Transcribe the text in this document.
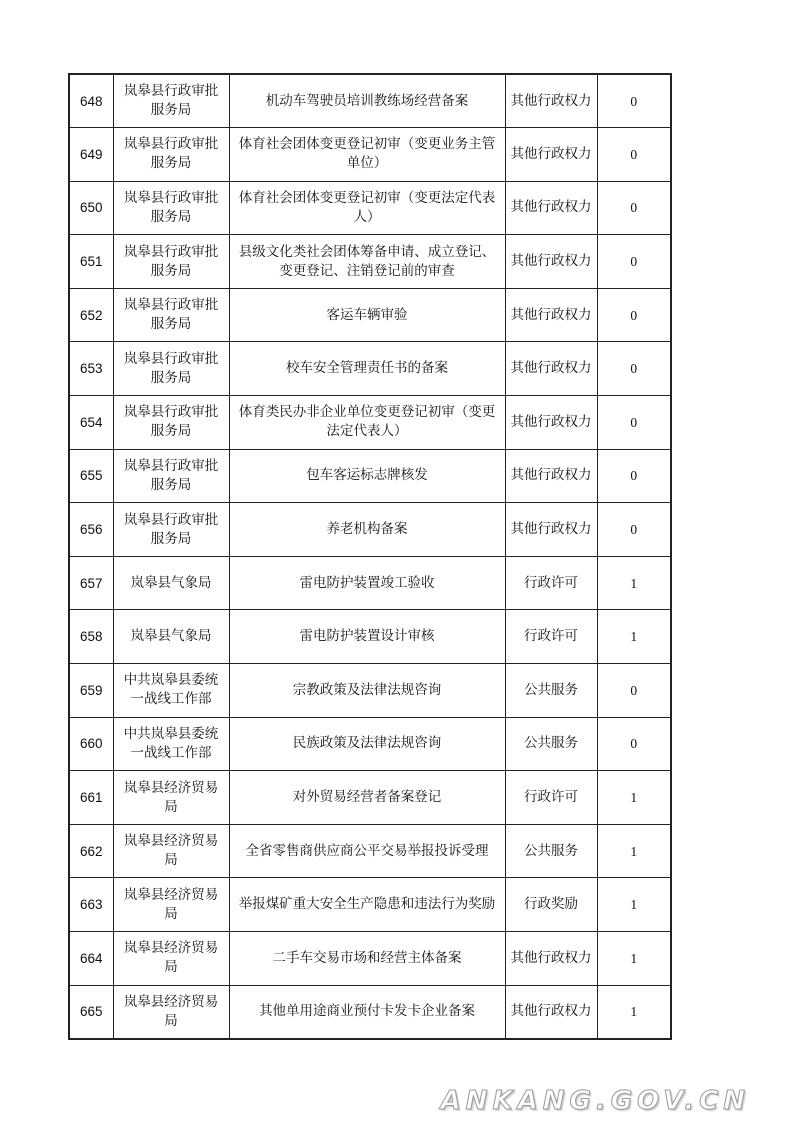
648	岚皋县行政审批服务局	机动车驾驶员培训教练场经营备案	其他行政权力	0
649	岚皋县行政审批服务局	体育社会团体变更登记初审（变更业务主管单位）	其他行政权力	0
650	岚皋县行政审批服务局	体育社会团体变更登记初审（变更法定代表人）	其他行政权力	0
651	岚皋县行政审批服务局	县级文化类社会团体筹备申请、成立登记、变更登记、注销登记前的审查	其他行政权力	0
652	岚皋县行政审批服务局	客运车辆审验	其他行政权力	0
653	岚皋县行政审批服务局	校车安全管理责任书的备案	其他行政权力	0
654	岚皋县行政审批服务局	体育类民办非企业单位变更登记初审（变更法定代表人）	其他行政权力	0
655	岚皋县行政审批服务局	包车客运标志牌核发	其他行政权力	0
656	岚皋县行政审批服务局	养老机构备案	其他行政权力	0
657	岚皋县气象局	雷电防护装置竣工验收	行政许可	1
658	岚皋县气象局	雷电防护装置设计审核	行政许可	1
659	中共岚皋县委统一战线工作部	宗教政策及法律法规咨询	公共服务	0
660	中共岚皋县委统一战线工作部	民族政策及法律法规咨询	公共服务	0
661	岚皋县经济贸易局	对外贸易经营者备案登记	行政许可	1
662	岚皋县经济贸易局	全省零售商供应商公平交易举报投诉受理	公共服务	1
663	岚皋县经济贸易局	举报煤矿重大安全生产隐患和违法行为奖励	行政奖励	1
664	岚皋县经济贸易局	二手车交易市场和经营主体备案	其他行政权力	1
665	岚皋县经济贸易局	其他单用途商业预付卡发卡企业备案	其他行政权力	1
ANKANG.GOV.CN
